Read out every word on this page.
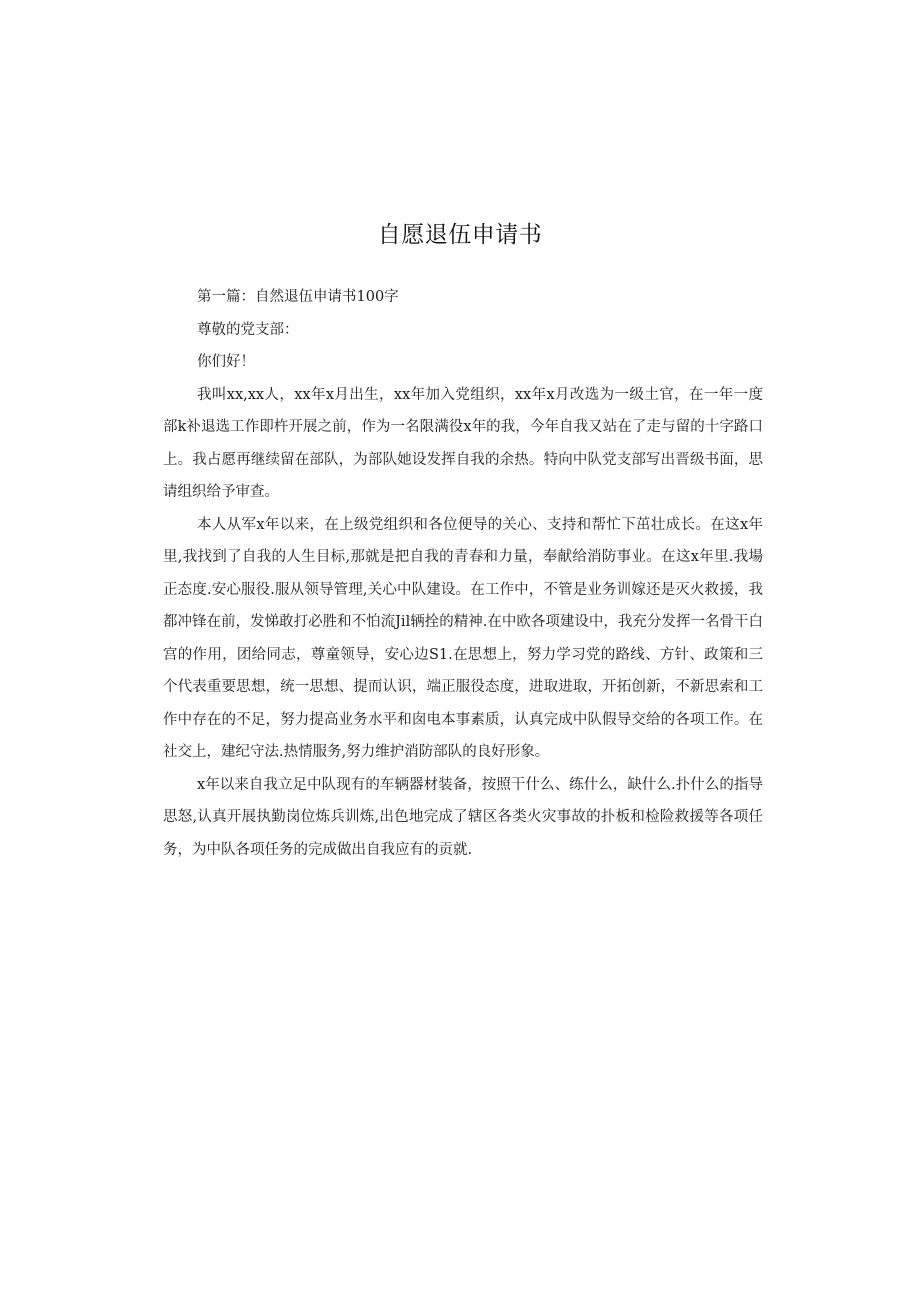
自愿退伍申请书

第一篇：自然退伍申请书100字

尊敬的党支部：

你们好！

我叫xx,xx人，xx年x月出生，xx年加入党组织，xx年x月改选为一级土官，在一年一度部k补退选工作即杵开展之前，作为一名限满役x年的我，今年自我又站在了走与留的十字路口上。我占愿再继续留在部队，为部队她设发挥自我的余热。特向中队党支部写出晋级书面，思请组织给予审查。

本人从军x年以来，在上级党组织和各位便导的关心、支持和帮忙下茁壮成长。在这x年里,我找到了自我的人生目标,那就是把自我的青春和力量，奉献给消防事业。在这x年里.我場正态度.安心服役.服从领导管理,关心中队建设。在工作中，不管是业务训嫁还是灭火救援，我都冲锋在前，发悌敢打必胜和不怕流Jil辆拴的精神.在中欧各项建设中，我充分发挥一名骨干白宫的作用，团给同志，尊童领导，安心边S1.在思想上，努力学习党的路线、方针、政策和三个代表重要思想，统一思想、提而认识，端正服役态度，进取进取，开拓创新，不新思索和工作中存在的不足，努力提高业务水平和囱电本事素质，认真完成中队假导交给的各项工作。在社交上，建纪守法.热情服务,努力维护消防部队的良好形象。

x年以来自我立足中队现有的车辆器材装备，按照干什么、练什么，缺什么.扑什么的指导思怒,认真开展执勤岗位炼兵训炼,出色地完成了辖区各类火灾事故的扑板和检险救援等各项任务，为中队各项任务的完成做出自我应有的贡就.
